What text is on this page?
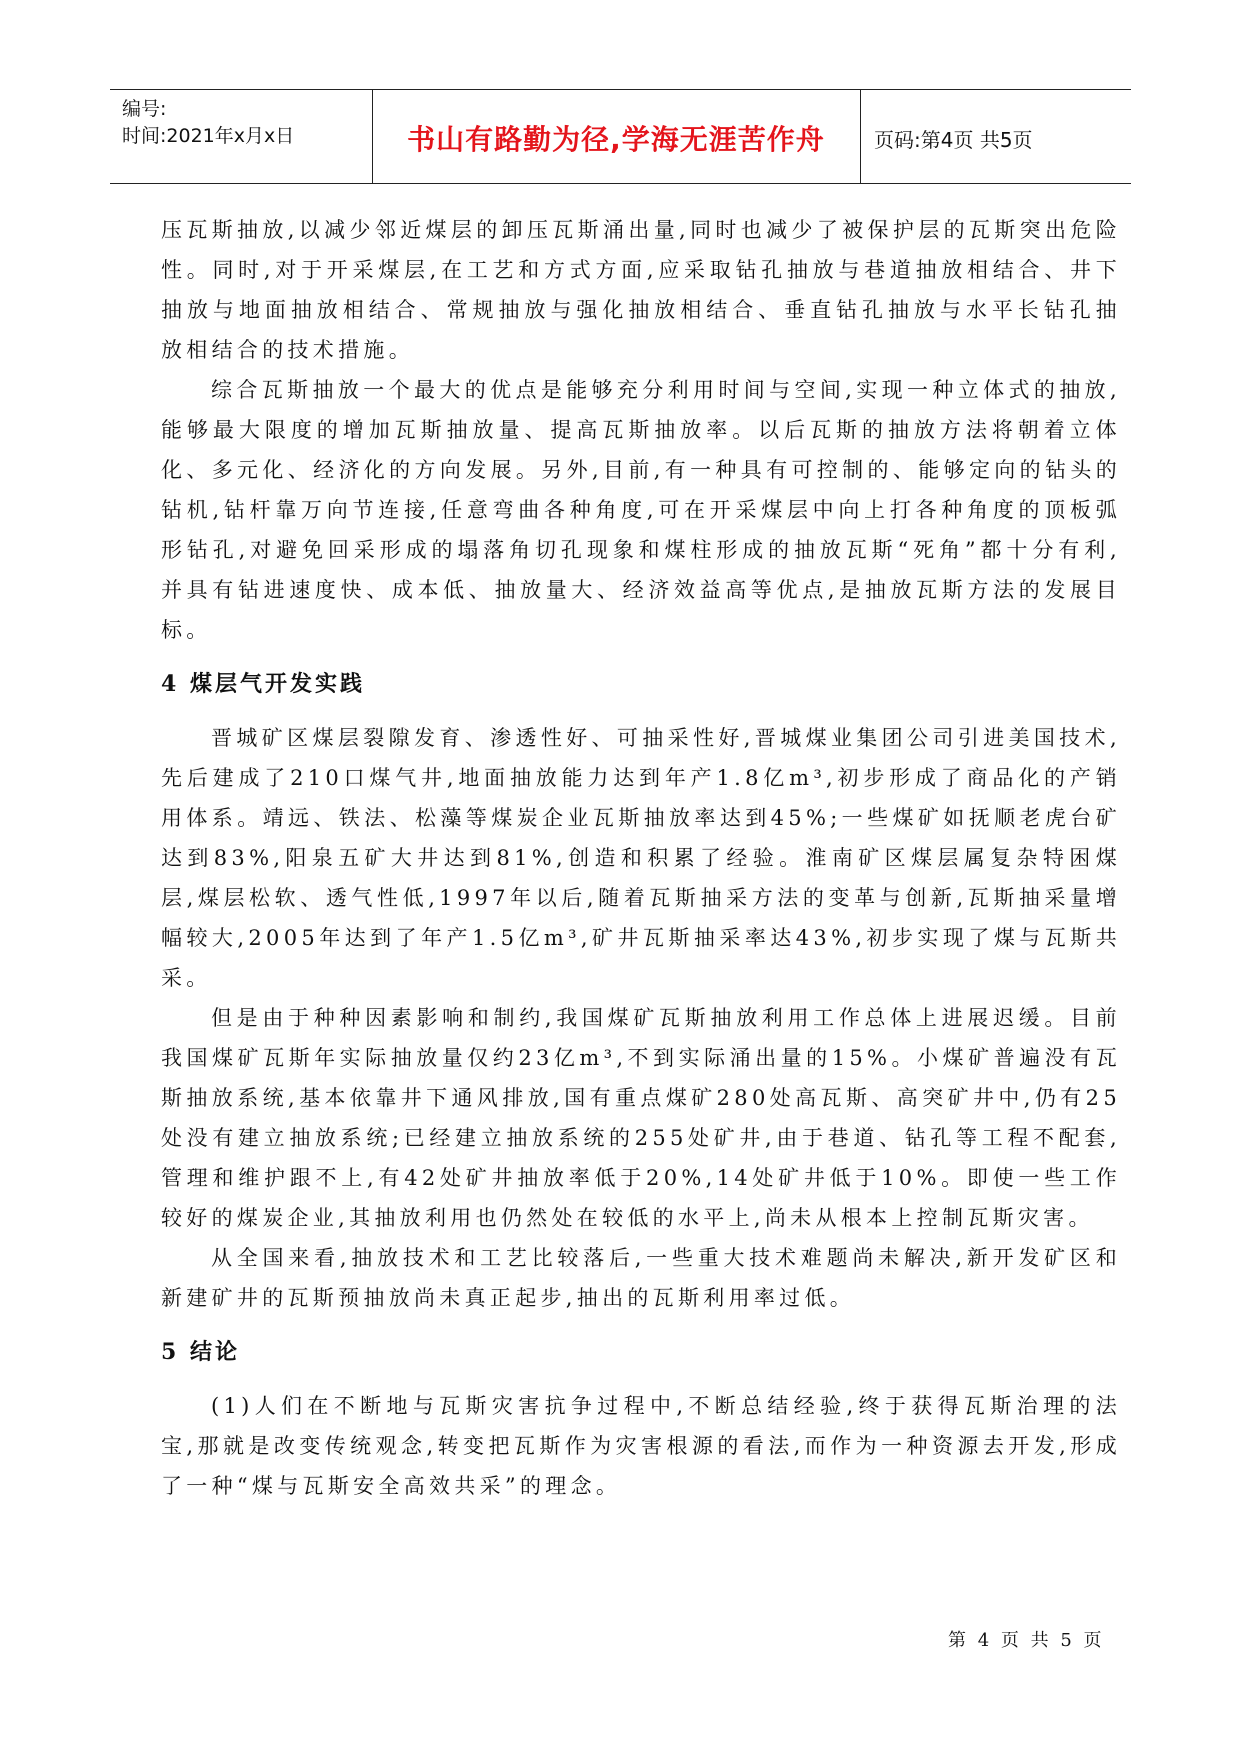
编号:
时间:2021年x月x日	书山有路勤为径,学海无涯苦作舟	页码:第4页 共5页

压瓦斯抽放,以减少邻近煤层的卸压瓦斯涌出量,同时也减少了被保护层的瓦斯突出危险性。同时,对于开采煤层,在工艺和方式方面,应采取钻孔抽放与巷道抽放相结合、井下抽放与地面抽放相结合、常规抽放与强化抽放相结合、垂直钻孔抽放与水平长钻孔抽放相结合的技术措施。

综合瓦斯抽放一个最大的优点是能够充分利用时间与空间,实现一种立体式的抽放,能够最大限度的增加瓦斯抽放量、提高瓦斯抽放率。以后瓦斯的抽放方法将朝着立体化、多元化、经济化的方向发展。另外,目前,有一种具有可控制的、能够定向的钻头的钻机,钻杆靠万向节连接,任意弯曲各种角度,可在开采煤层中向上打各种角度的顶板弧形钻孔,对避免回采形成的塌落角切孔现象和煤柱形成的抽放瓦斯“死角”都十分有利,并具有钻进速度快、成本低、抽放量大、经济效益高等优点,是抽放瓦斯方法的发展目标。

4 煤层气开发实践

晋城矿区煤层裂隙发育、渗透性好、可抽采性好,晋城煤业集团公司引进美国技术,先后建成了210口煤气井,地面抽放能力达到年产1.8亿m³,初步形成了商品化的产销用体系。靖远、铁法、松藻等煤炭企业瓦斯抽放率达到45%;一些煤矿如抚顺老虎台矿达到83%,阳泉五矿大井达到81%,创造和积累了经验。淮南矿区煤层属复杂特困煤层,煤层松软、透气性低,1997年以后,随着瓦斯抽采方法的变革与创新,瓦斯抽采量增幅较大,2005年达到了年产1.5亿m³,矿井瓦斯抽采率达43%,初步实现了煤与瓦斯共采。

但是由于种种因素影响和制约,我国煤矿瓦斯抽放利用工作总体上进展迟缓。目前我国煤矿瓦斯年实际抽放量仅约23亿m³,不到实际涌出量的15%。小煤矿普遍没有瓦斯抽放系统,基本依靠井下通风排放,国有重点煤矿280处高瓦斯、高突矿井中,仍有25处没有建立抽放系统;已经建立抽放系统的255处矿井,由于巷道、钻孔等工程不配套,管理和维护跟不上,有42处矿井抽放率低于20%,14处矿井低于10%。即使一些工作较好的煤炭企业,其抽放利用也仍然处在较低的水平上,尚未从根本上控制瓦斯灾害。

从全国来看,抽放技术和工艺比较落后,一些重大技术难题尚未解决,新开发矿区和新建矿井的瓦斯预抽放尚未真正起步,抽出的瓦斯利用率过低。

5 结论

(1)人们在不断地与瓦斯灾害抗争过程中,不断总结经验,终于获得瓦斯治理的法宝,那就是改变传统观念,转变把瓦斯作为灾害根源的看法,而作为一种资源去开发,形成了一种“煤与瓦斯安全高效共采”的理念。

第 4 页 共 5 页
